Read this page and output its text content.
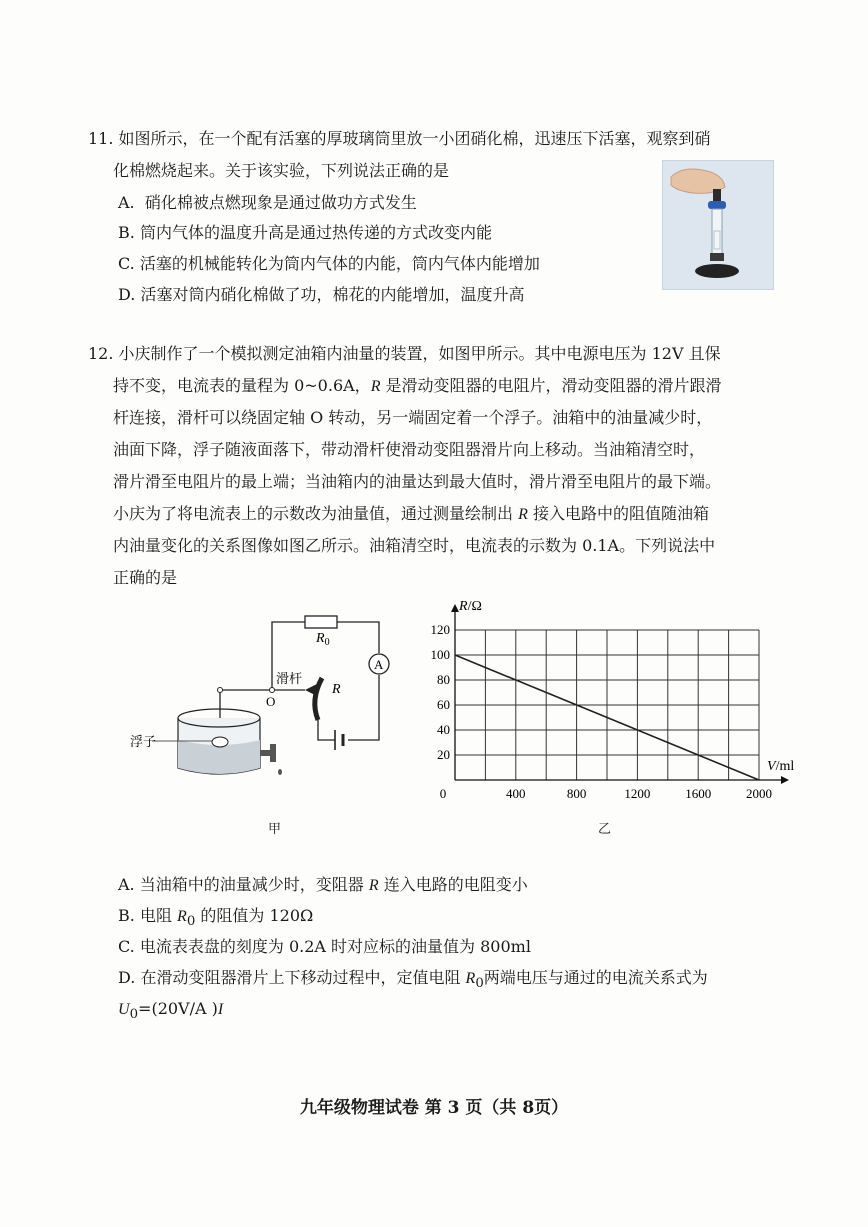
11. 如图所示，在一个配有活塞的厚玻璃筒里放一小团硝化棉，迅速压下活塞，观察到硝
化棉燃烧起来。关于该实验，下列说法正确的是
A. 硝化棉被点燃现象是通过做功方式发生
B. 筒内气体的温度升高是通过热传递的方式改变内能
C. 活塞的机械能转化为筒内气体的内能，筒内气体内能增加
D. 活塞对筒内硝化棉做了功，棉花的内能增加，温度升高
12. 小庆制作了一个模拟测定油箱内油量的装置，如图甲所示。其中电源电压为 12V 且保
持不变，电流表的量程为 0~0.6A，R 是滑动变阻器的电阻片，滑动变阻器的滑片跟滑
杆连接，滑杆可以绕固定轴 O 转动，另一端固定着一个浮子。油箱中的油量减少时，
油面下降，浮子随液面落下，带动滑杆使滑动变阻器滑片向上移动。当油箱清空时，
滑片滑至电阻片的最上端；当油箱内的油量达到最大值时，滑片滑至电阻片的最下端。
小庆为了将电流表上的示数改为油量值，通过测量绘制出 R 接入电路中的阻值随油箱
内油量变化的关系图像如图乙所示。油箱清空时，电流表的示数为 0.1A。下列说法中
正确的是
$R_0$
A
O
滑杆
R
浮子
甲
400	800	1200	1600	2000
20
40
60
80
100
120
0
R/Ω
V/ml
乙
A. 当油箱中的油量减少时，变阻器 R 连入电路的电阻变小
B. 电阻 $R_0$ 的阻值为 120Ω
C. 电流表表盘的刻度为 0.2A 时对应标的油量值为 800ml
D. 在滑动变阻器滑片上下移动过程中，定值电阻 $R_0$两端电压与通过的电流关系式为
$U_0=(20V/A$ )I
九年级物理试卷 第 3 页（共 8页）
